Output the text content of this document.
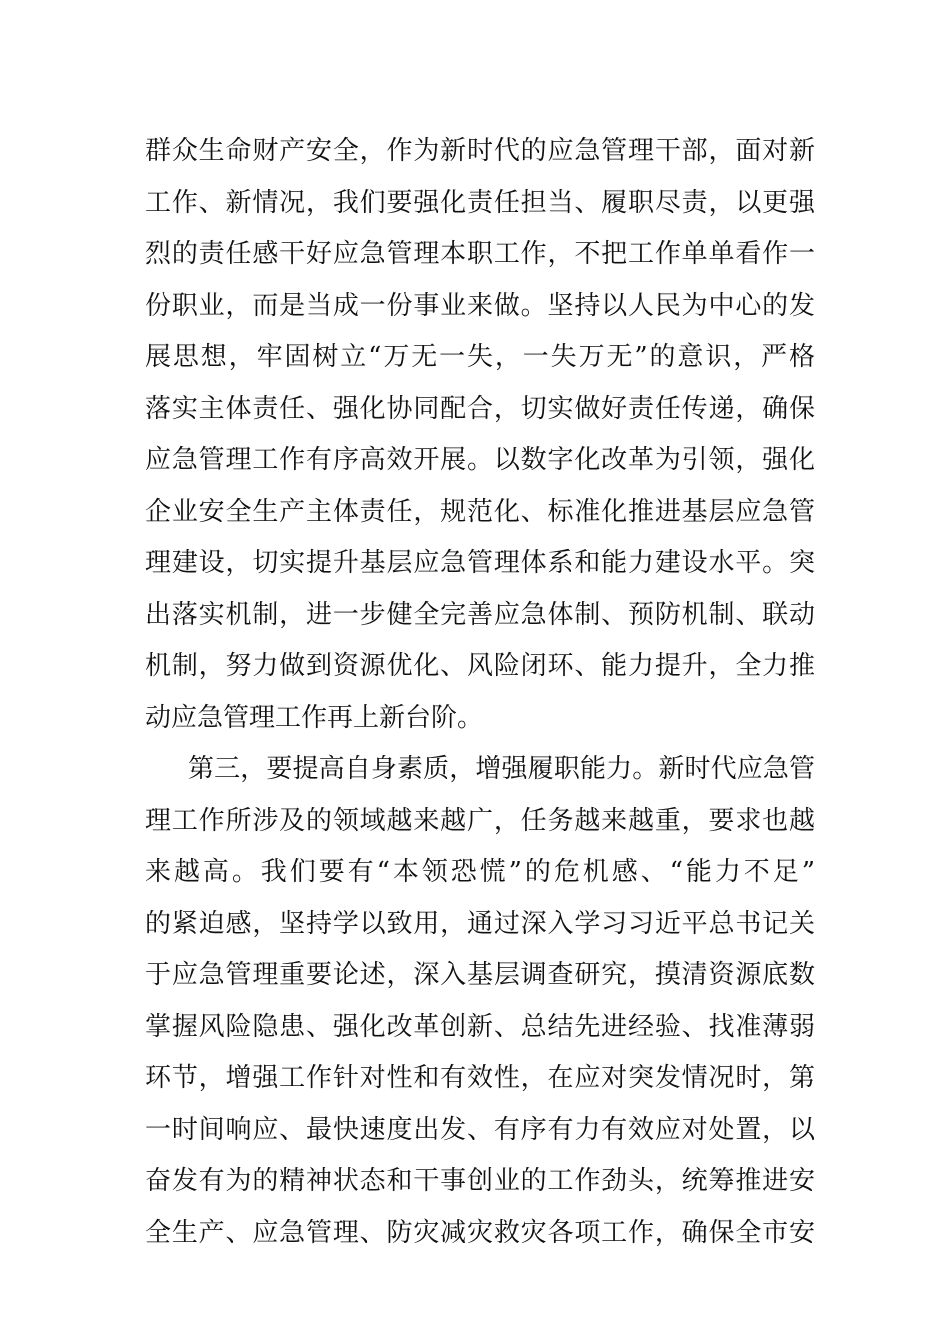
群众生命财产安全，作为新时代的应急管理干部，面对新
工作、新情况，我们要强化责任担当、履职尽责，以更强
烈的责任感干好应急管理本职工作，不把工作单单看作一
份职业，而是当成一份事业来做。坚持以人民为中心的发
展思想，牢固树立“万无一失，一失万无”的意识，严格
落实主体责任、强化协同配合，切实做好责任传递，确保
应急管理工作有序高效开展。以数字化改革为引领，强化
企业安全生产主体责任，规范化、标准化推进基层应急管
理建设，切实提升基层应急管理体系和能力建设水平。突
出落实机制，进一步健全完善应急体制、预防机制、联动
机制，努力做到资源优化、风险闭环、能力提升，全力推
动应急管理工作再上新台阶。
第三，要提高自身素质，增强履职能力。新时代应急管
理工作所涉及的领域越来越广，任务越来越重，要求也越
来越高。我们要有“本领恐慌”的危机感、“能力不足”
的紧迫感，坚持学以致用，通过深入学习习近平总书记关
于应急管理重要论述，深入基层调查研究，摸清资源底数
掌握风险隐患、强化改革创新、总结先进经验、找准薄弱
环节，增强工作针对性和有效性，在应对突发情况时，第
一时间响应、最快速度出发、有序有力有效应对处置，以
奋发有为的精神状态和干事创业的工作劲头，统筹推进安
全生产、应急管理、防灾减灾救灾各项工作，确保全市安
